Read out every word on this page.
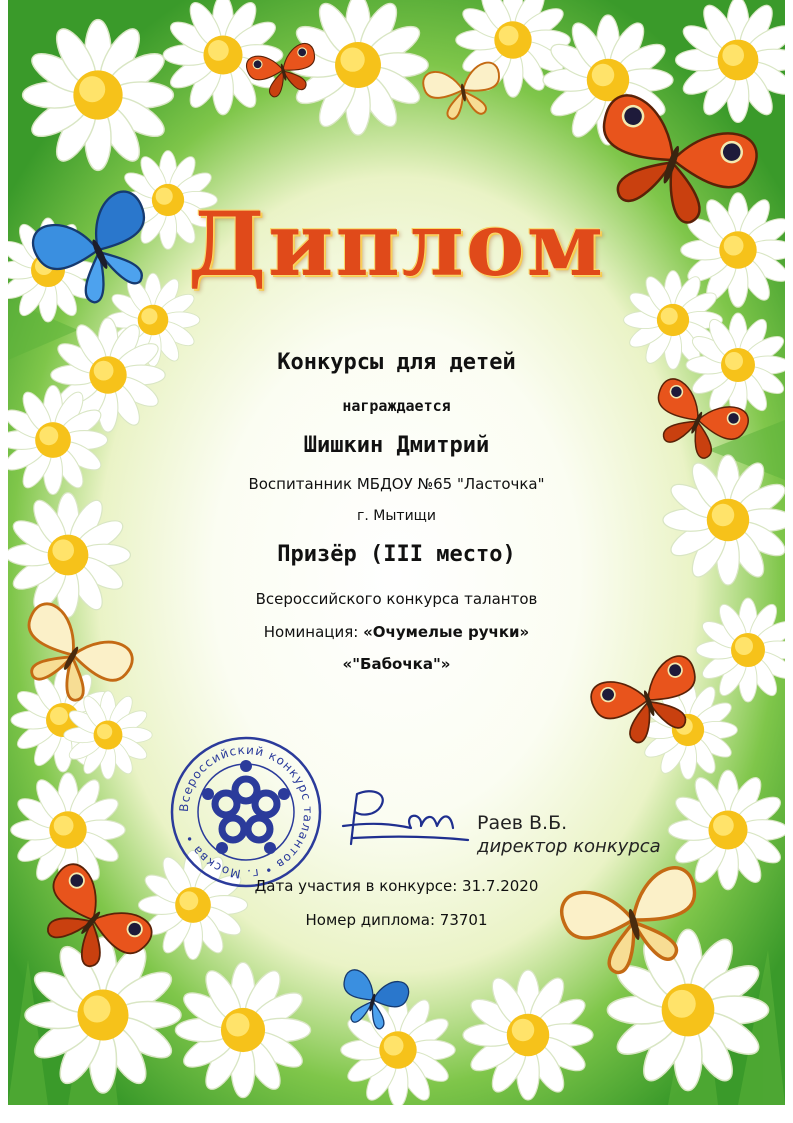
Диплом
Конкурсы для детей
награждается
Шишкин Дмитрий
Воспитанник МБДОУ №65 "Ласточка"
г. Мытищи
Призёр (III место)
Всероссийского конкурса талантов
Номинация: «Очумелые ручки»
«"Бабочка"»
Всероссийский конкурс талантов • г. Москва •
Раев В.Б.
директор конкурса
Дата участия в конкурсе: 31.7.2020
Номер диплома: 73701
